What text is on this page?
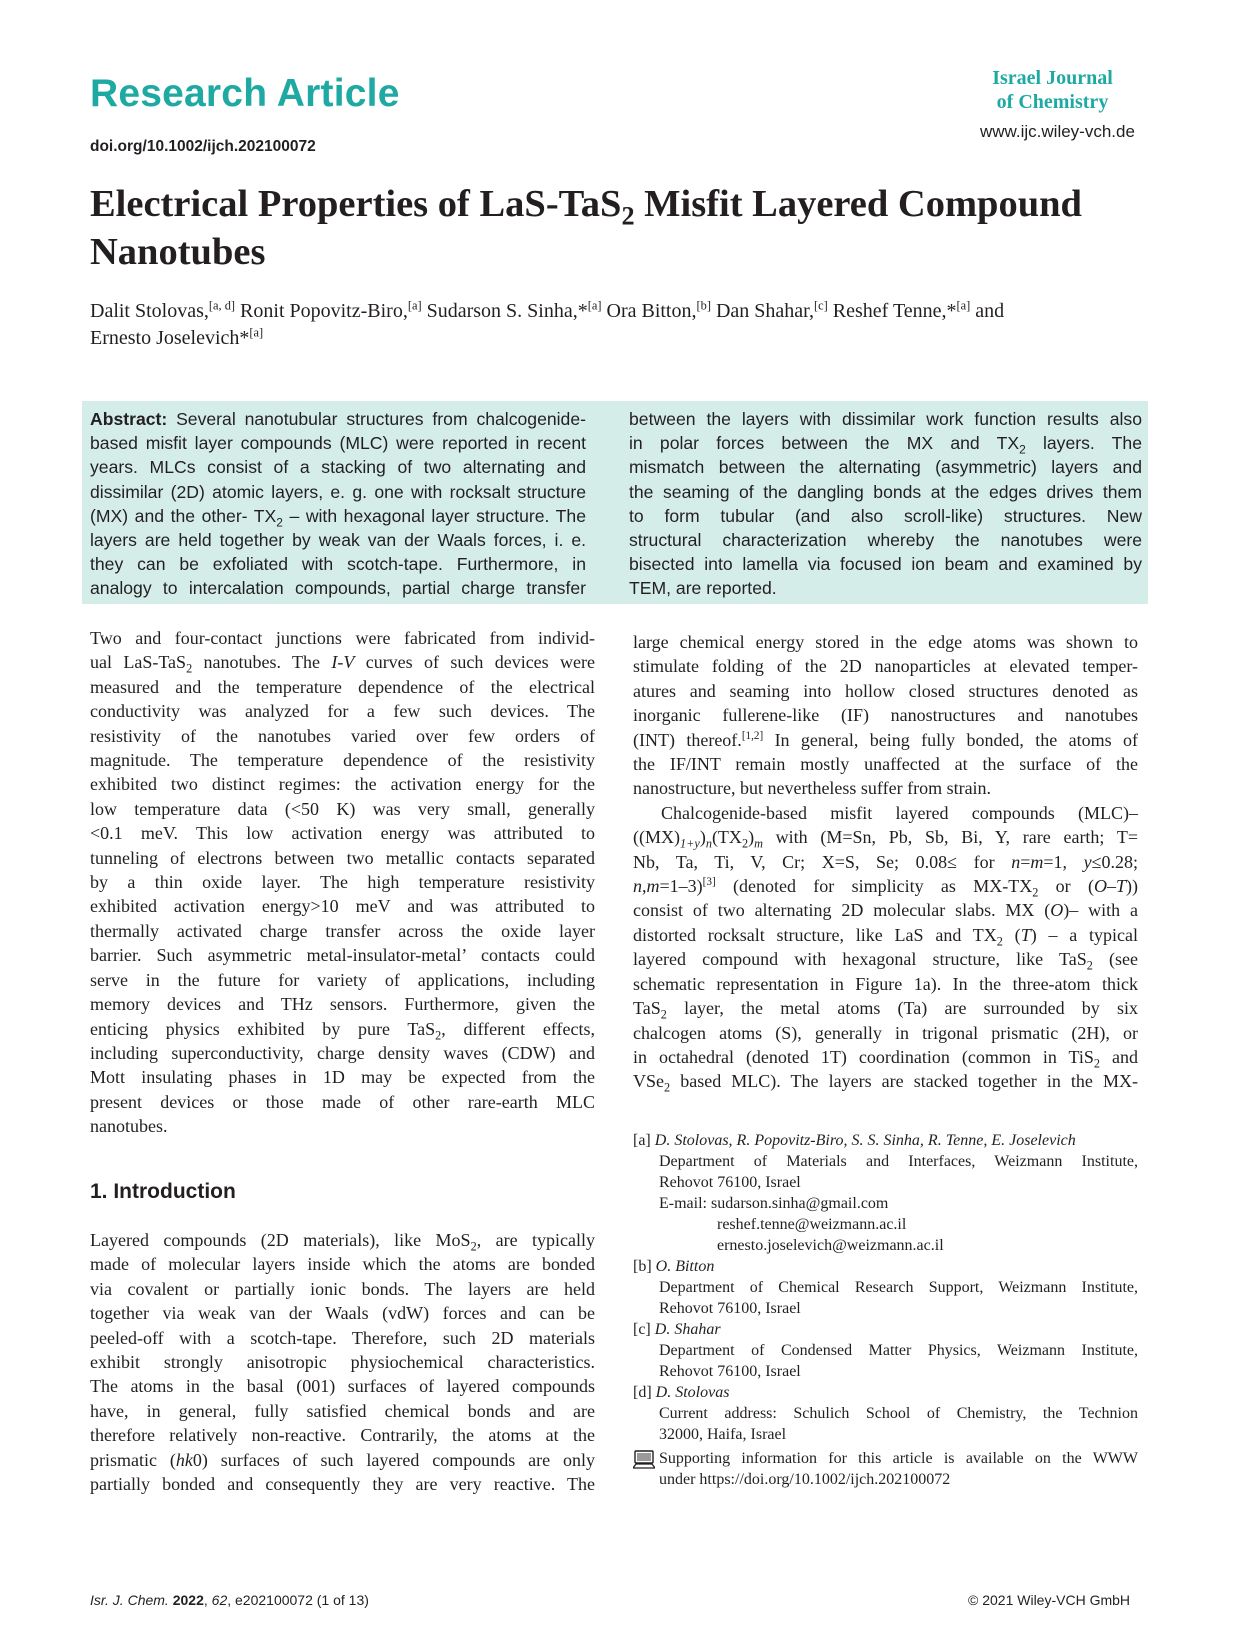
Research Article
doi.org/10.1002/ijch.202100072
Israel Journal
of Chemistry
www.ijc.wiley-vch.de
Electrical Properties of LaS-TaS$_2$ Misfit Layered Compound
Nanotubes
Dalit Stolovas,[a, d] Ronit Popovitz-Biro,[a] Sudarson S. Sinha,*[a] Ora Bitton,[b] Dan Shahar,[c] Reshef Tenne,*[a] and
Ernesto Joselevich*[a]
Abstract: Several nanotubular structures from chalcogenide-
based misfit layer compounds (MLC) were reported in recent
years. MLCs consist of a stacking of two alternating and
dissimilar (2D) atomic layers, e. g. one with rocksalt structure
(MX) and the other- $TX_2$ – with hexagonal layer structure. The
layers are held together by weak van der Waals forces, i. e.
they can be exfoliated with scotch-tape. Furthermore, in
analogy to intercalation compounds, partial charge transfer
between the layers with dissimilar work function results also
in polar forces between the MX and $TX_2$ layers. The
mismatch between the alternating (asymmetric) layers and
the seaming of the dangling bonds at the edges drives them
to form tubular (and also scroll-like) structures. New
structural characterization whereby the nanotubes were
bisected into lamella via focused ion beam and examined by
TEM, are reported.
Two and four-contact junctions were fabricated from individ-
ual LaS-TaS$_2$ nanotubes. The I-V curves of such devices were
measured and the temperature dependence of the electrical
conductivity was analyzed for a few such devices. The
resistivity of the nanotubes varied over few orders of
magnitude. The temperature dependence of the resistivity
exhibited two distinct regimes: the activation energy for the
low temperature data (<50 K) was very small, generally
<0.1 meV. This low activation energy was attributed to
tunneling of electrons between two metallic contacts separated
by a thin oxide layer. The high temperature resistivity
exhibited activation energy>10 meV and was attributed to
thermally activated charge transfer across the oxide layer
barrier. Such asymmetric metal-insulator-metal’ contacts could
serve in the future for variety of applications, including
memory devices and THz sensors. Furthermore, given the
enticing physics exhibited by pure TaS$_2$, different effects,
including superconductivity, charge density waves (CDW) and
Mott insulating phases in 1D may be expected from the
present devices or those made of other rare-earth MLC
nanotubes.
1. Introduction
Layered compounds (2D materials), like MoS$_2$, are typically
made of molecular layers inside which the atoms are bonded
via covalent or partially ionic bonds. The layers are held
together via weak van der Waals (vdW) forces and can be
peeled-off with a scotch-tape. Therefore, such 2D materials
exhibit strongly anisotropic physiochemical characteristics.
The atoms in the basal (001) surfaces of layered compounds
have, in general, fully satisfied chemical bonds and are
therefore relatively non-reactive. Contrarily, the atoms at the
prismatic (hk0) surfaces of such layered compounds are only
partially bonded and consequently they are very reactive. The
large chemical energy stored in the edge atoms was shown to
stimulate folding of the 2D nanoparticles at elevated temper-
atures and seaming into hollow closed structures denoted as
inorganic fullerene-like (IF) nanostructures and nanotubes
(INT) thereof.[1,2] In general, being fully bonded, the atoms of
the IF/INT remain mostly unaffected at the surface of the
nanostructure, but nevertheless suffer from strain.
Chalcogenide-based misfit layered compounds (MLC)–
$((MX)_{1+y})_n(TX_2)_m$ with (M=Sn, Pb, Sb, Bi, Y, rare earth; T=
Nb, Ta, Ti, V, Cr; X=S, Se; 0.08≤ for n=m=1, y≤0.28;
n,m=1–3)[3] (denoted for simplicity as $MX-TX_2$ or (O–T))
consist of two alternating 2D molecular slabs. MX (O)– with a
distorted rocksalt structure, like LaS and $TX_2$ (T) – a typical
layered compound with hexagonal structure, like TaS$_2$ (see
schematic representation in Figure 1a). In the three-atom thick
TaS$_2$ layer, the metal atoms (Ta) are surrounded by six
chalcogen atoms (S), generally in trigonal prismatic (2H), or
in octahedral (denoted 1T) coordination (common in TiS$_2$ and
VSe$_2$ based MLC). The layers are stacked together in the MX-
[a] D. Stolovas, R. Popovitz-Biro, S. S. Sinha, R. Tenne, E. Joselevich
Department of Materials and Interfaces, Weizmann Institute,
Rehovot 76100, Israel
E-mail: sudarson.sinha@gmail.com
reshef.tenne@weizmann.ac.il
ernesto.joselevich@weizmann.ac.il
[b] O. Bitton
Department of Chemical Research Support, Weizmann Institute,
Rehovot 76100, Israel
[c] D. Shahar
Department of Condensed Matter Physics, Weizmann Institute,
Rehovot 76100, Israel
[d] D. Stolovas
Current address: Schulich School of Chemistry, the Technion
32000, Haifa, Israel
Supporting information for this article is available on the WWW
under https://doi.org/10.1002/ijch.202100072
Isr. J. Chem. 2022, 62, e202100072 (1 of 13)	© 2021 Wiley-VCH GmbH
